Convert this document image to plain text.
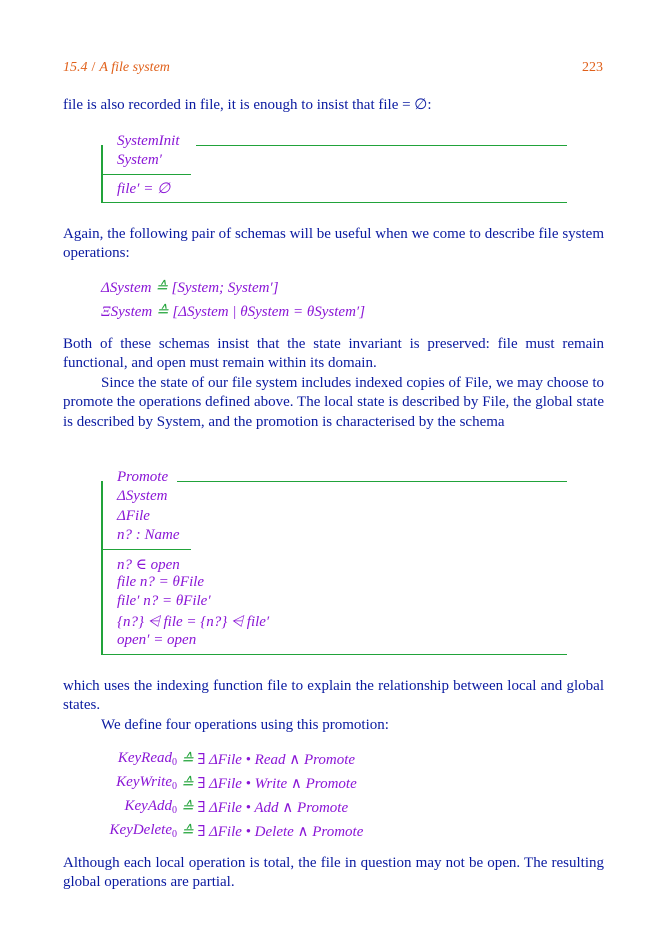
15.4 / A file system	223

file is also recorded in file, it is enough to insist that file = ∅:

SystemInit
System′
file′ = ∅

Again, the following pair of schemas will be useful when we come to describe file system operations:

ΔSystem ≙ [System; System′]
ΞSystem ≙ [ΔSystem | θSystem = θSystem′]

Both of these schemas insist that the state invariant is preserved: file must remain functional, and open must remain within its domain.

Since the state of our file system includes indexed copies of File, we may choose to promote the operations defined above. The local state is described by File, the global state is described by System, and the promotion is characterised by the schema

Promote
ΔSystem
ΔFile
n? : Name
n? ∈ open
file n? = θFile
file′ n? = θFile′
{n?} ⩤ file = {n?} ⩤ file′
open′ = open

which uses the indexing function file to explain the relationship between local and global states.

We define four operations using this promotion:

KeyRead$_0$ ≙ ∃ ΔFile • Read ∧ Promote
KeyWrite$_0$ ≙ ∃ ΔFile • Write ∧ Promote
KeyAdd$_0$ ≙ ∃ ΔFile • Add ∧ Promote
KeyDelete$_0$ ≙ ∃ ΔFile • Delete ∧ Promote

Although each local operation is total, the file in question may not be open. The resulting global operations are partial.
